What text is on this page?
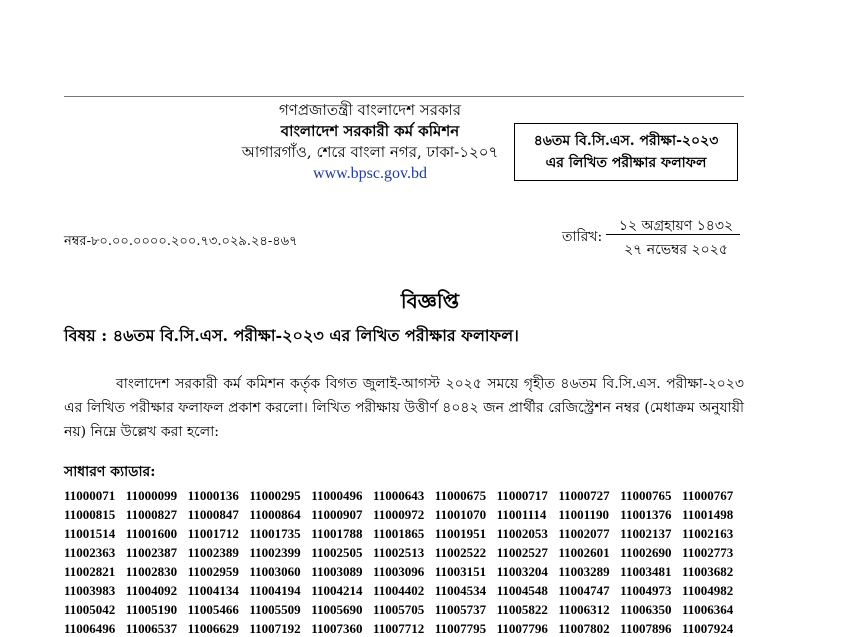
গণপ্রজাতন্ত্রী বাংলাদেশ সরকার
বাংলাদেশ সরকারী কর্ম কমিশন
আগারগাঁও, শেরে বাংলা নগর, ঢাকা-১২০৭
www.bpsc.gov.bd
৪৬তম বি.সি.এস. পরীক্ষা-২০২৩
এর লিখিত পরীক্ষার ফলাফল
নম্বর-৮০.০০.০০০০.২০০.৭৩.০২৯.২৪-৪৬৭	তারিখ:
১২ অগ্রহায়ণ ১৪৩২
২৭ নভেম্বর ২০২৫
বিজ্ঞপ্তি
বিষয় : ৪৬তম বি.সি.এস. পরীক্ষা-২০২৩ এর লিখিত পরীক্ষার ফলাফল।
বাংলাদেশ সরকারী কর্ম কমিশন কর্তৃক বিগত জুলাই-আগস্ট ২০২৫ সময়ে গৃহীত ৪৬তম বি.সি.এস. পরীক্ষা-২০২৩ এর লিখিত পরীক্ষার ফলাফল প্রকাশ করলো। লিখিত পরীক্ষায় উত্তীর্ণ ৪০৪২ জন প্রার্থীর রেজিস্ট্রেশন নম্বর (মেধাক্রম অনুযায়ী নয়) নিম্নে উল্লেখ করা হলো:
সাধারণ ক্যাডার:
11000071 11000099 11000136 11000295 11000496 11000643 11000675 11000717 11000727 11000765 11000767
11000815 11000827 11000847 11000864 11000907 11000972 11001070 11001114 11001190 11001376 11001498
11001514 11001600 11001712 11001735 11001788 11001865 11001951 11002053 11002077 11002137 11002163
11002363 11002387 11002389 11002399 11002505 11002513 11002522 11002527 11002601 11002690 11002773
11002821 11002830 11002959 11003060 11003089 11003096 11003151 11003204 11003289 11003481 11003682
11003983 11004092 11004134 11004194 11004214 11004402 11004534 11004548 11004747 11004973 11004982
11005042 11005190 11005466 11005509 11005690 11005705 11005737 11005822 11006312 11006350 11006364
11006496 11006537 11006629 11007192 11007360 11007712 11007795 11007796 11007802 11007896 11007924
